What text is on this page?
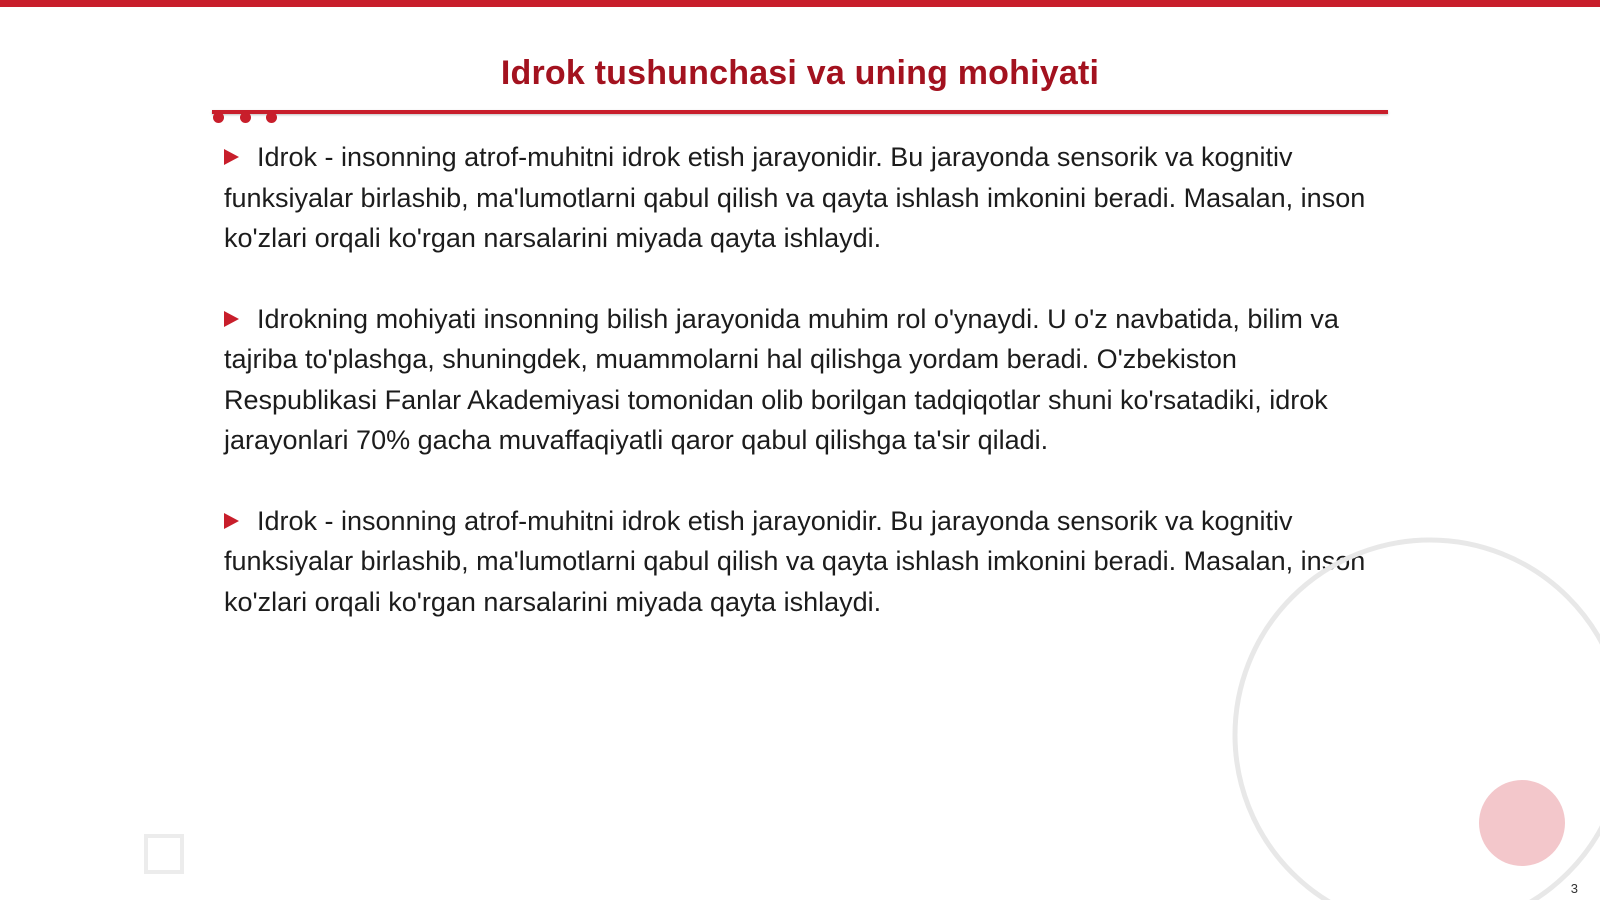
Idrok tushunchasi va uning mohiyati

Idrok - insonning atrof-muhitni idrok etish jarayonidir. Bu jarayonda sensorik va kognitiv funksiyalar birlashib, ma'lumotlarni qabul qilish va qayta ishlash imkonini beradi. Masalan, inson ko'zlari orqali ko'rgan narsalarini miyada qayta ishlaydi.

Idrokning mohiyati insonning bilish jarayonida muhim rol o'ynaydi. U o'z navbatida, bilim va tajriba to'plashga, shuningdek, muammolarni hal qilishga yordam beradi. O'zbekiston Respublikasi Fanlar Akademiyasi tomonidan olib borilgan tadqiqotlar shuni ko'rsatadiki, idrok jarayonlari 70% gacha muvaffaqiyatli qaror qabul qilishga ta'sir qiladi.

Idrok - insonning atrof-muhitni idrok etish jarayonidir. Bu jarayonda sensorik va kognitiv funksiyalar birlashib, ma'lumotlarni qabul qilish va qayta ishlash imkonini beradi. Masalan, inson ko'zlari orqali ko'rgan narsalarini miyada qayta ishlaydi.

3
